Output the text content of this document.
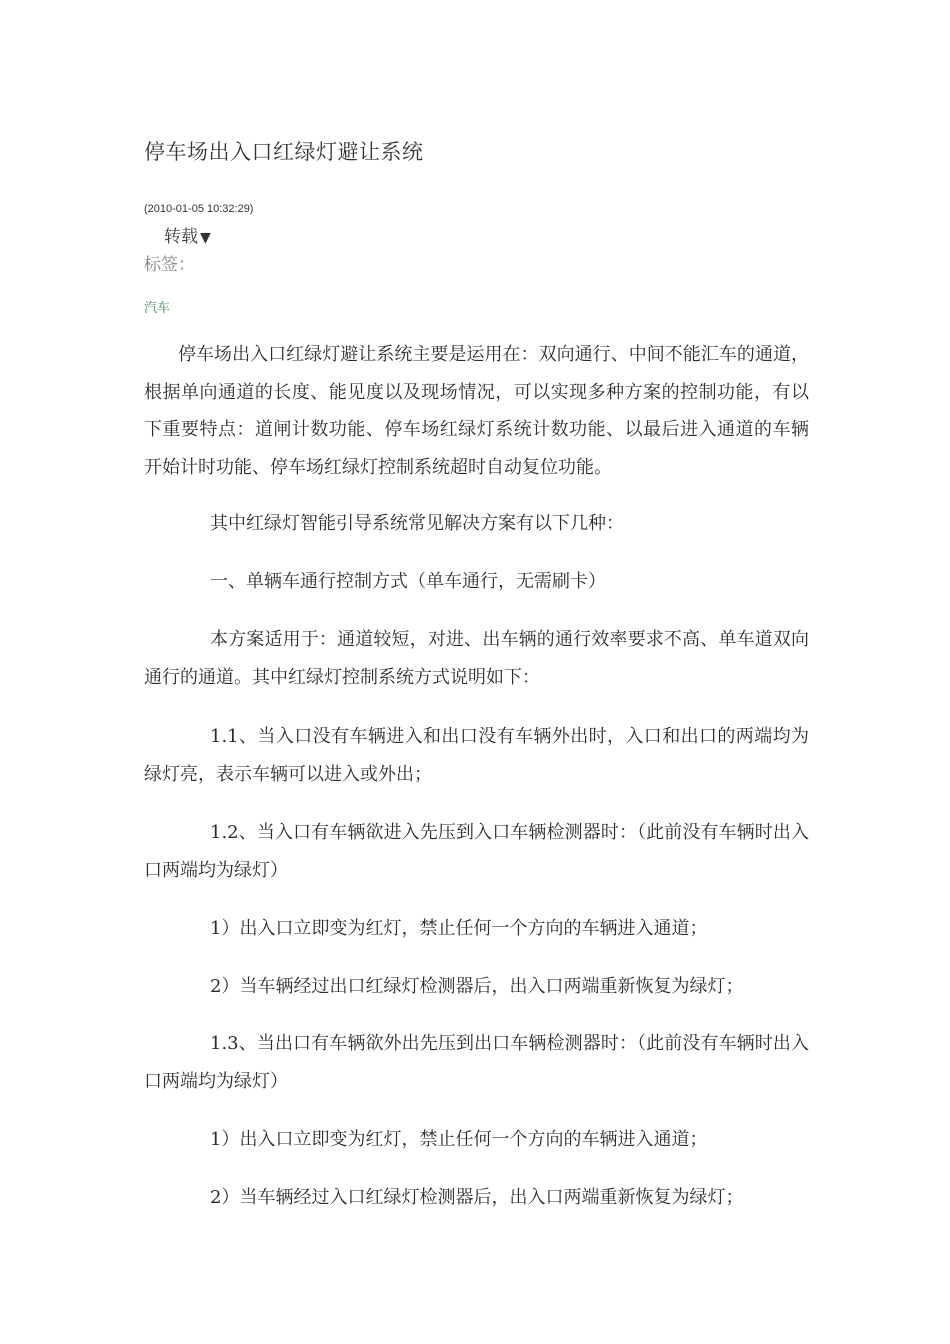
停车场出入口红绿灯避让系统
(2010-01-05 10:32:29)
转载 ▼
标签：
汽车

停车场出入口红绿灯避让系统主要是运用在：双向通行、中间不能汇车的通道，根据单向通道的长度、能见度以及现场情况，可以实现多种方案的控制功能，有以下重要特点：道闸计数功能、停车场红绿灯系统计数功能、以最后进入通道的车辆开始计时功能、停车场红绿灯控制系统超时自动复位功能。

其中红绿灯智能引导系统常见解决方案有以下几种：

一、单辆车通行控制方式（单车通行，无需刷卡）

本方案适用于：通道较短，对进、出车辆的通行效率要求不高、单车道双向通行的通道。其中红绿灯控制系统方式说明如下：

1.1、当入口没有车辆进入和出口没有车辆外出时，入口和出口的两端均为绿灯亮，表示车辆可以进入或外出；

1.2、当入口有车辆欲进入先压到入口车辆检测器时：（此前没有车辆时出入口两端均为绿灯）

1）出入口立即变为红灯，禁止任何一个方向的车辆进入通道；

2）当车辆经过出口红绿灯检测器后，出入口两端重新恢复为绿灯；

1.3、当出口有车辆欲外出先压到出口车辆检测器时：（此前没有车辆时出入口两端均为绿灯）

1）出入口立即变为红灯，禁止任何一个方向的车辆进入通道；

2）当车辆经过入口红绿灯检测器后，出入口两端重新恢复为绿灯；
